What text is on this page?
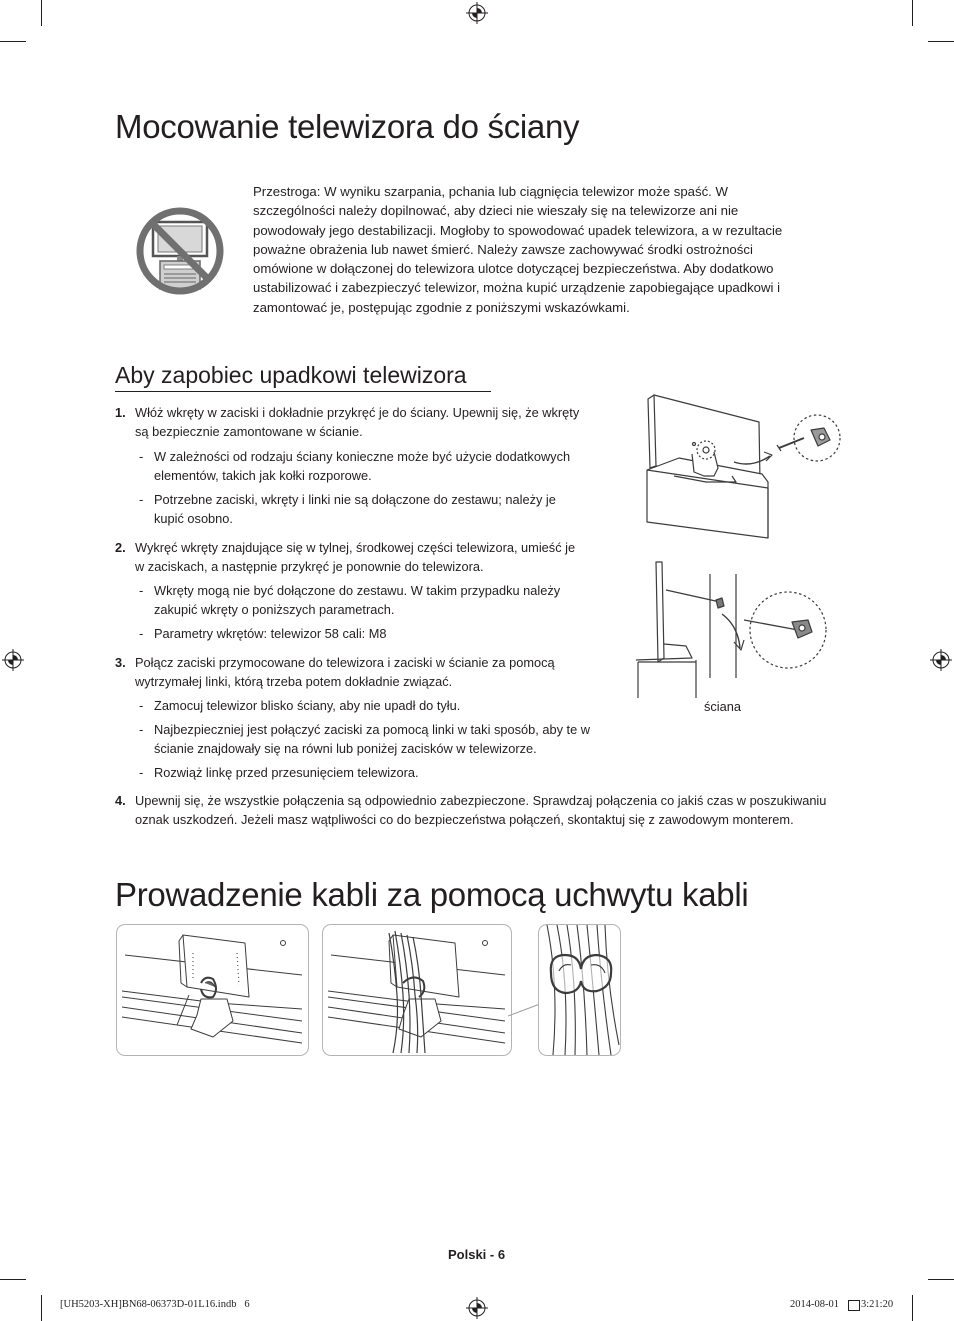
Mocowanie telewizora do ściany
Przestroga: W wyniku szarpania, pchania lub ciągnięcia telewizor może spaść. W
szczególności należy dopilnować, aby dzieci nie wieszały się na telewizorze ani nie
powodowały jego destabilizacji. Mogłoby to spowodować upadek telewizora, a w rezultacie
poważne obrażenia lub nawet śmierć. Należy zawsze zachowywać środki ostrożności
omówione w dołączonej do telewizora ulotce dotyczącej bezpieczeństwa. Aby dodatkowo
ustabilizować i zabezpieczyć telewizor, można kupić urządzenie zapobiegające upadkowi i
zamontować je, postępując zgodnie z poniższymi wskazówkami.
Aby zapobiec upadkowi telewizora
1. Włóż wkręty w zaciski i dokładnie przykręć je do ściany. Upewnij się, że wkręty
są bezpiecznie zamontowane w ścianie.
- W zależności od rodzaju ściany konieczne może być użycie dodatkowych
elementów, takich jak kołki rozporowe.
- Potrzebne zaciski, wkręty i linki nie są dołączone do zestawu; należy je
kupić osobno.
2. Wykręć wkręty znajdujące się w tylnej, środkowej części telewizora, umieść je
w zaciskach, a następnie przykręć je ponownie do telewizora.
- Wkręty mogą nie być dołączone do zestawu. W takim przypadku należy
zakupić wkręty o poniższych parametrach.
- Parametry wkrętów: telewizor 58 cali: M8
3. Połącz zaciski przymocowane do telewizora i zaciski w ścianie za pomocą
wytrzymałej linki, którą trzeba potem dokładnie związać.
- Zamocuj telewizor blisko ściany, aby nie upadł do tyłu.
- Najbezpieczniej jest połączyć zaciski za pomocą linki w taki sposób, aby te w
ścianie znajdowały się na równi lub poniżej zacisków w telewizorze.
- Rozwiąż linkę przed przesunięciem telewizora.
4. Upewnij się, że wszystkie połączenia są odpowiednio zabezpieczone. Sprawdzaj połączenia co jakiś czas w poszukiwaniu
oznak uszkodzeń. Jeżeli masz wątpliwości co do bezpieczeństwa połączeń, skontaktuj się z zawodowym monterem.
ściana
Prowadzenie kabli za pomocą uchwytu kabli
Polski - 6
[UH5203-XH]BN68-06373D-01L16.indb   6	2014-08-01 3:21:20
